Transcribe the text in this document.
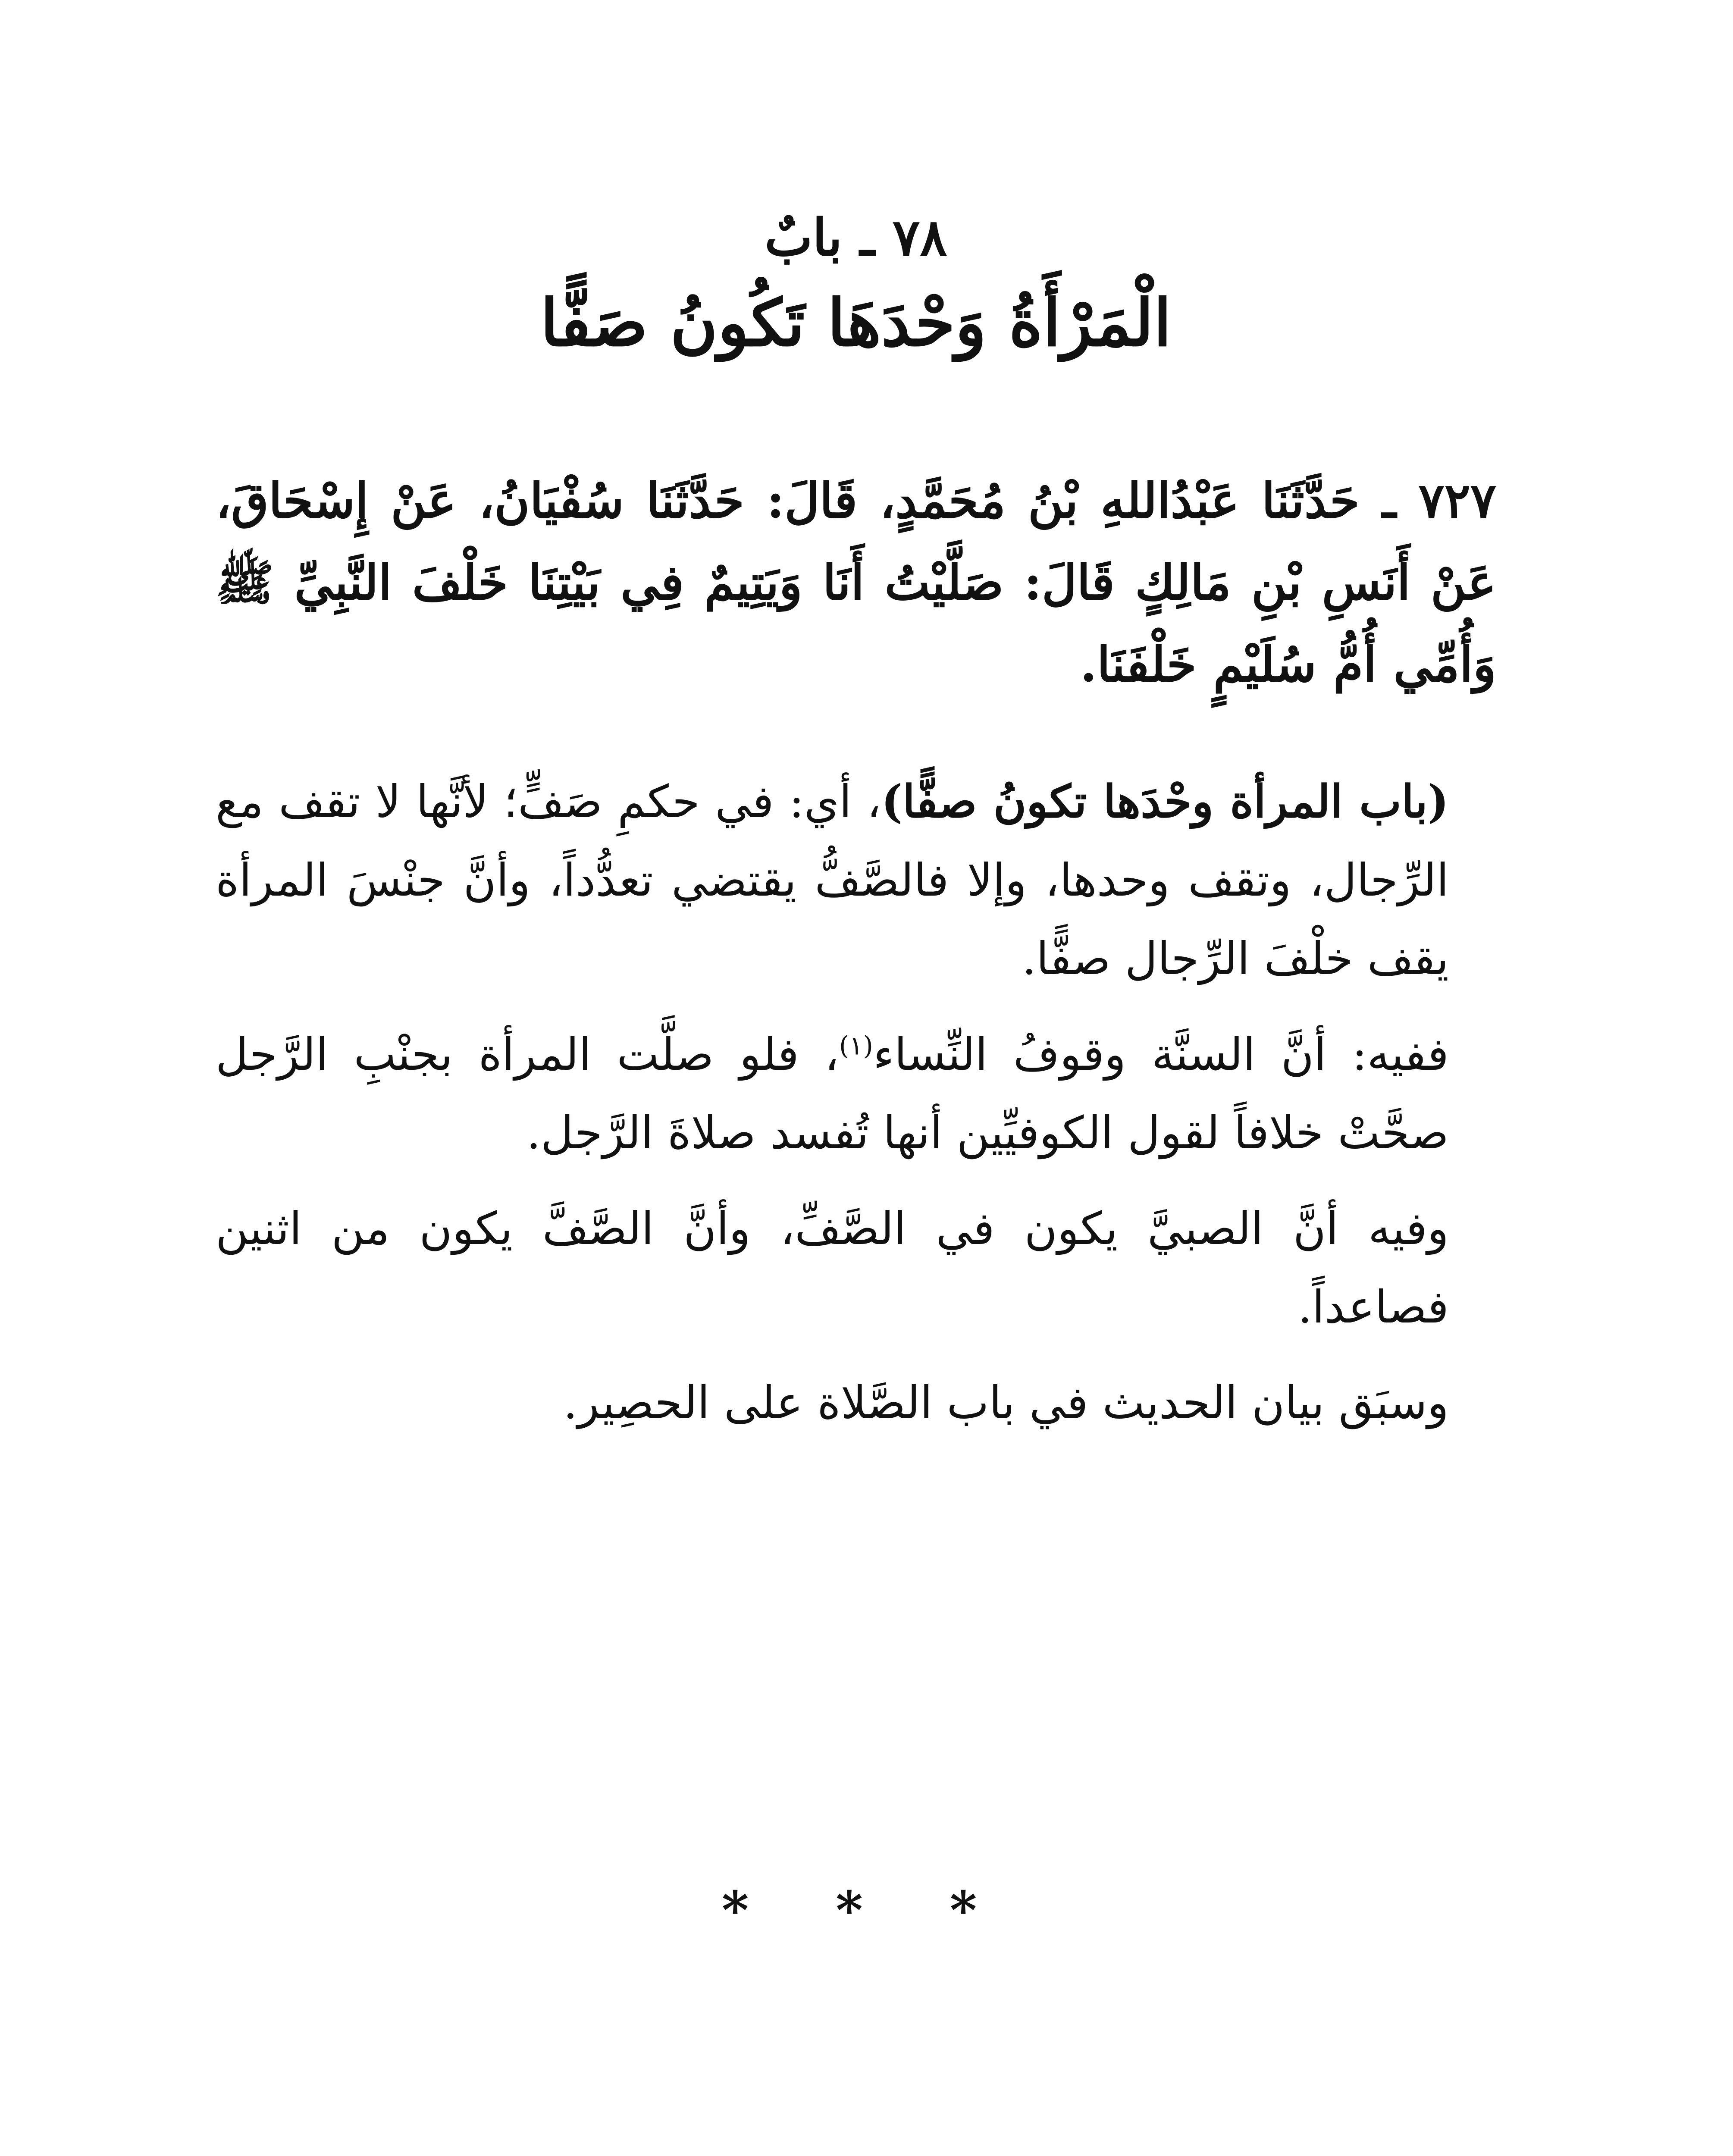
٧٨ ـ بابٌ
الْمَرْأَةُ وَحْدَهَا تَكُونُ صَفًّا

٧٢٧ ـ حَدَّثَنَا عَبْدُاللهِ بْنُ مُحَمَّدٍ، قَالَ: حَدَّثَنَا سُفْيَانُ، عَنْ إِسْحَاقَ، عَنْ أَنَسِ بْنِ مَالِكٍ قَالَ: صَلَّيْتُ أَنَا وَيَتِيمٌ فِي بَيْتِنَا خَلْفَ النَّبِيِّ ﷺ وَأُمِّي أُمُّ سُلَيْمٍ خَلْفَنَا.

(باب المرأة وحْدَها تكونُ صفًّا)، أي: في حكمِ صَفٍّ؛ لأنَّها لا تقف مع الرِّجال، وتقف وحدها، وإلا فالصَّفُّ يقتضي تعدُّداً، وأنَّ جنْسَ المرأة يقف خلْفَ الرِّجال صفًّا.

ففيه: أنَّ السنَّة وقوفُ النِّساء$^{(١)}$، فلو صلَّت المرأة بجنْبِ الرَّجل صحَّتْ خلافاً لقول الكوفيِّين أنها تُفسد صلاةَ الرَّجل.

وفيه أنَّ الصبيَّ يكون في الصَّفِّ، وأنَّ الصَّفَّ يكون من اثنين فصاعداً.

وسبَق بيان الحديث في باب الصَّلاة على الحصِير.

* * *
